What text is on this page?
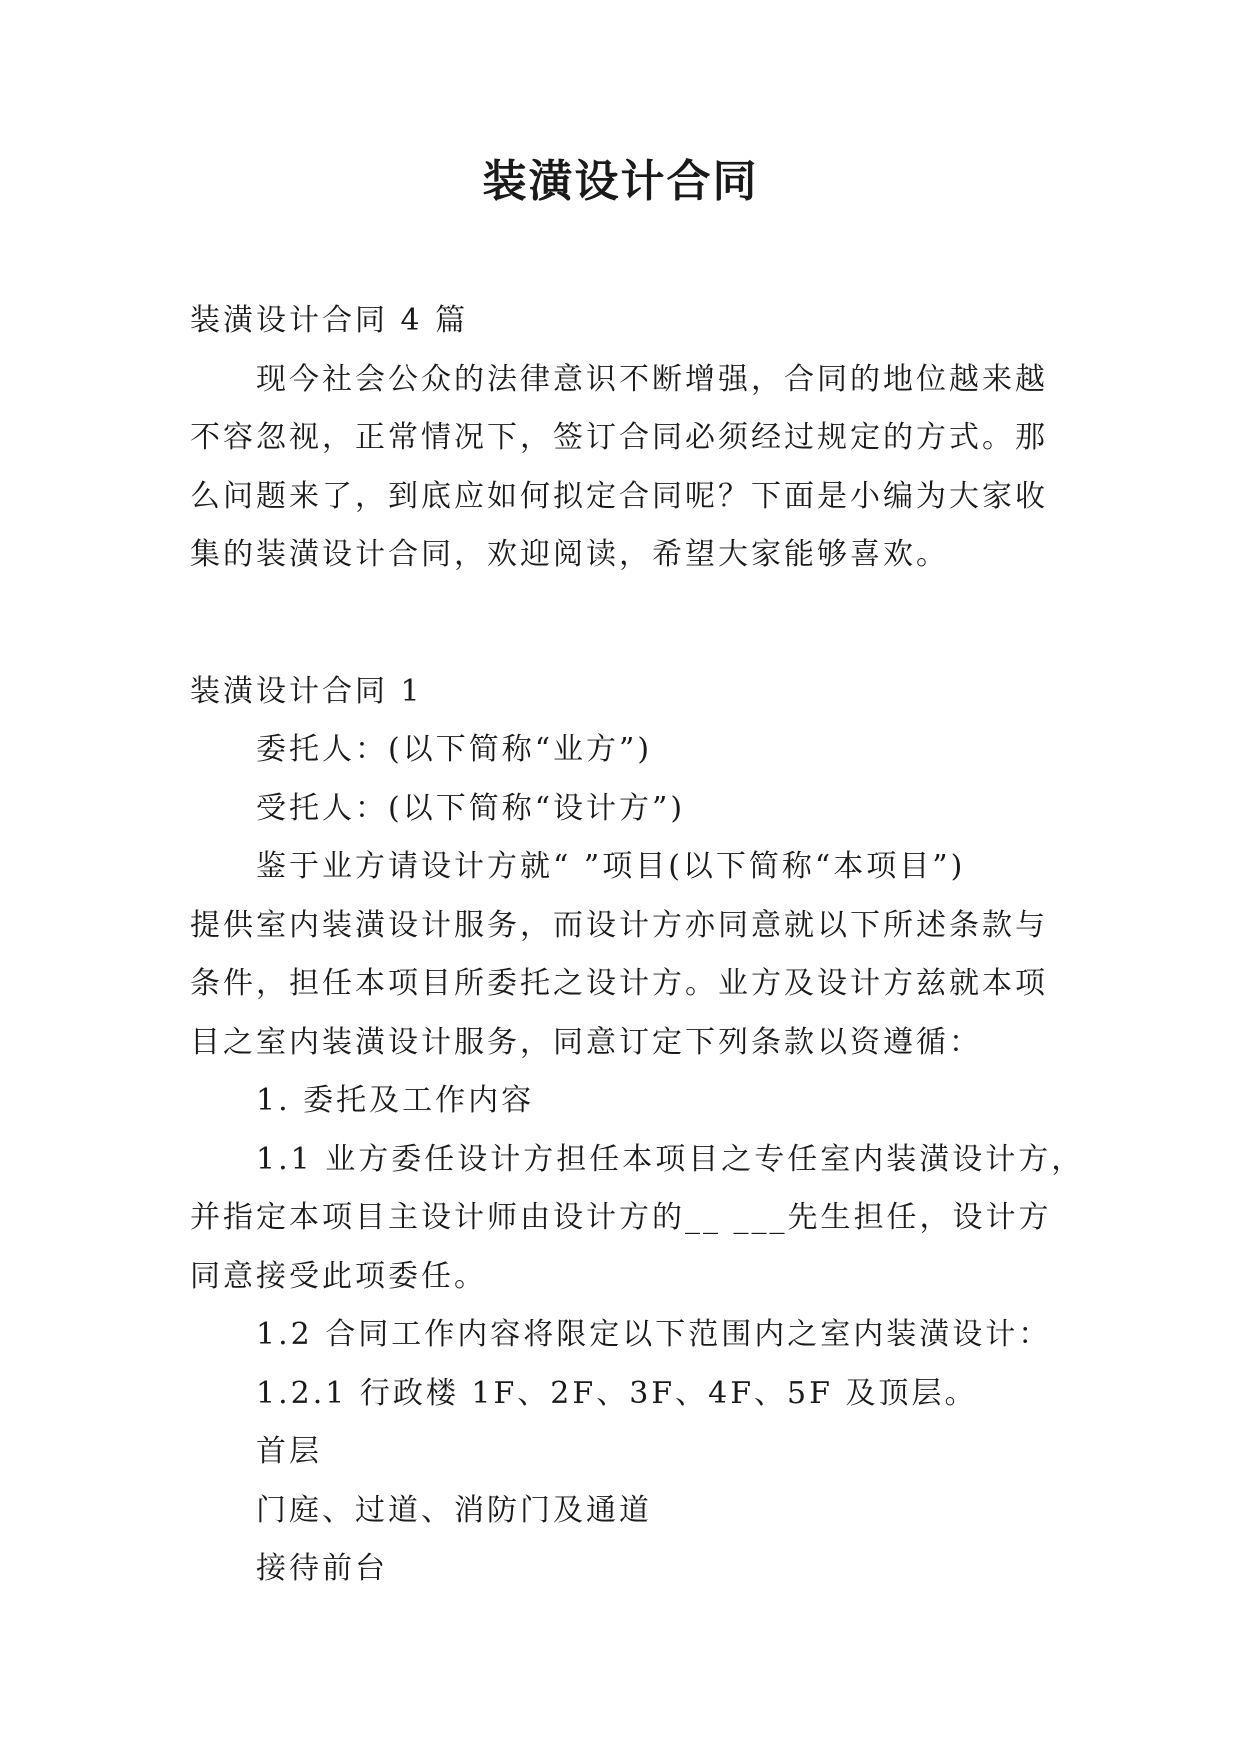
装潢设计合同
装潢设计合同 4 篇
现今社会公众的法律意识不断增强，合同的地位越来越
不容忽视，正常情况下，签订合同必须经过规定的方式。那
么问题来了，到底应如何拟定合同呢？下面是小编为大家收
集的装潢设计合同，欢迎阅读，希望大家能够喜欢。
装潢设计合同 1
委托人：(以下简称“业方”)
受托人：(以下简称“设计方”)
鉴于业方请设计方就“ ”项目(以下简称“本项目”)
提供室内装潢设计服务，而设计方亦同意就以下所述条款与
条件，担任本项目所委托之设计方。业方及设计方兹就本项
目之室内装潢设计服务，同意订定下列条款以资遵循：
1. 委托及工作内容
1.1 业方委任设计方担任本项目之专任室内装潢设计方，
并指定本项目主设计师由设计方的__ ___先生担任，设计方
同意接受此项委任。
1.2 合同工作内容将限定以下范围内之室内装潢设计：
1.2.1 行政楼 1F、2F、3F、4F、5F 及顶层。
首层
门庭、过道、消防门及通道
接待前台
